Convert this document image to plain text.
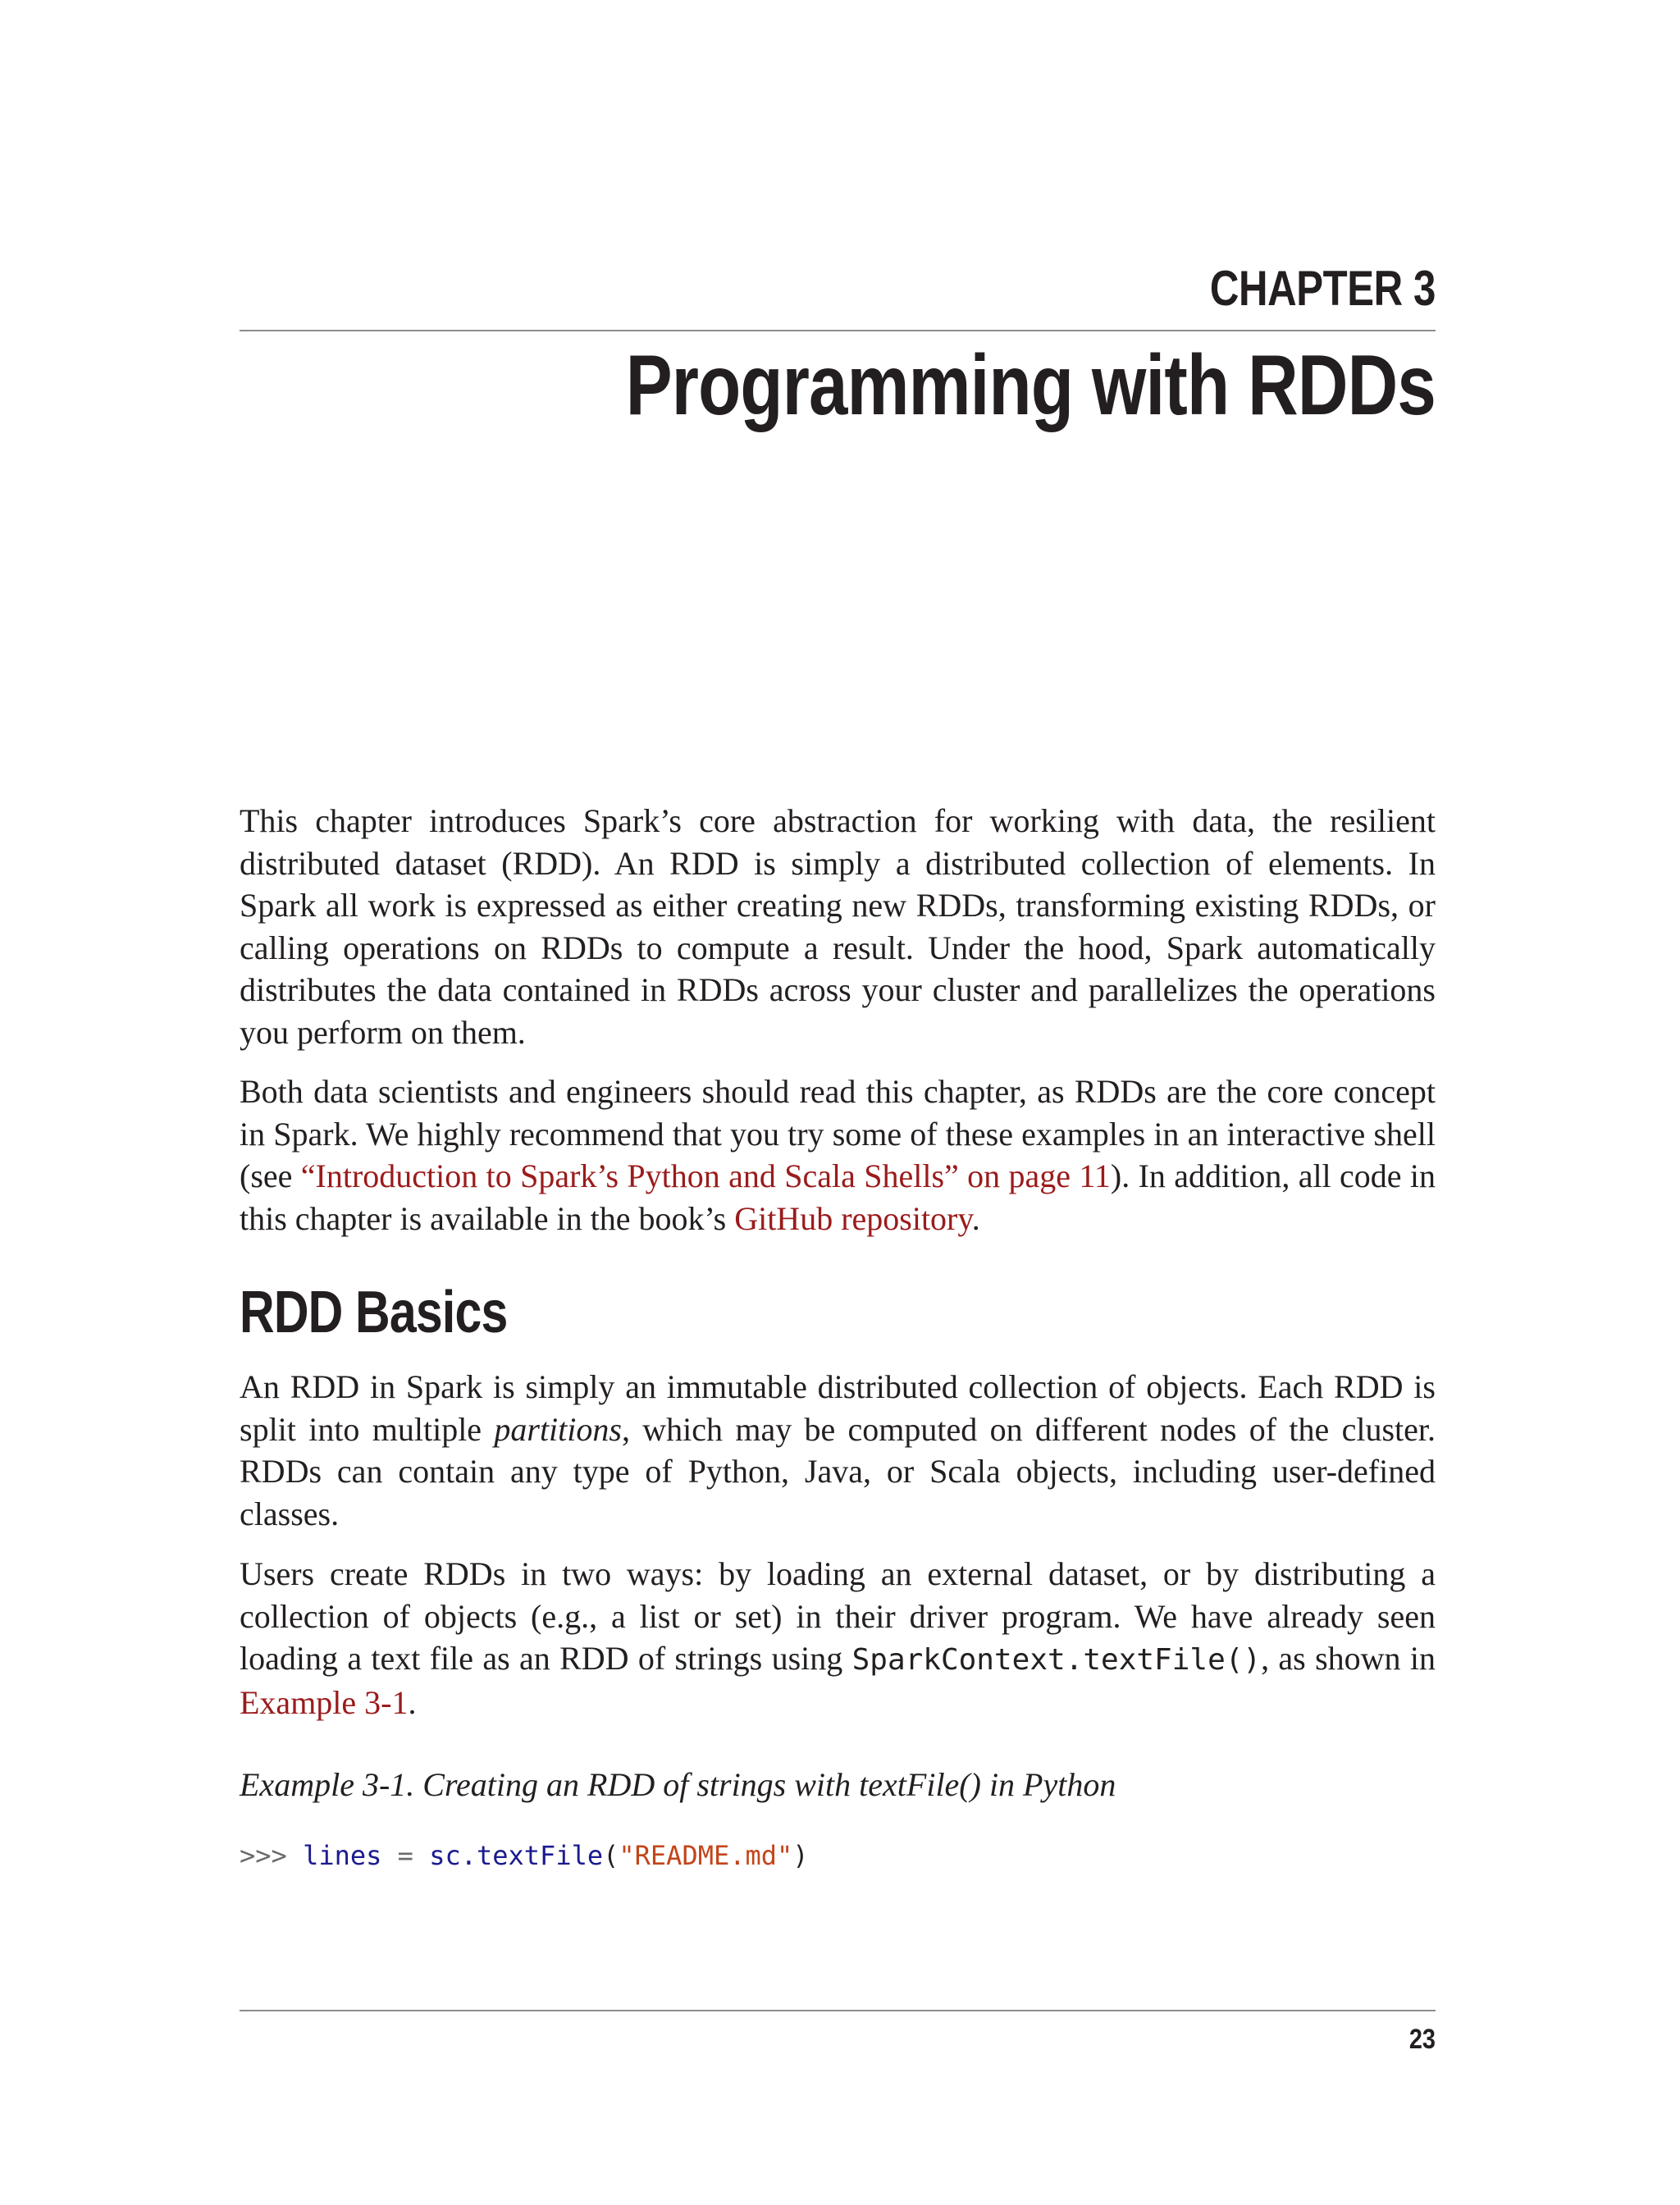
CHAPTER 3
Programming with RDDs

This chapter introduces Spark’s core abstraction for working with data, the resilient distributed dataset (RDD). An RDD is simply a distributed collection of elements. In Spark all work is expressed as either creating new RDDs, transforming existing RDDs, or calling operations on RDDs to compute a result. Under the hood, Spark automatically distributes the data contained in RDDs across your cluster and parallelizes the operations you perform on them.

Both data scientists and engineers should read this chapter, as RDDs are the core concept in Spark. We highly recommend that you try some of these examples in an interactive shell (see “Introduction to Spark’s Python and Scala Shells” on page 11). In addition, all code in this chapter is available in the book’s GitHub repository.

RDD Basics

An RDD in Spark is simply an immutable distributed collection of objects. Each RDD is split into multiple partitions, which may be computed on different nodes of the cluster. RDDs can contain any type of Python, Java, or Scala objects, including user-defined classes.

Users create RDDs in two ways: by loading an external dataset, or by distributing a collection of objects (e.g., a list or set) in their driver program. We have already seen loading a text file as an RDD of strings using SparkContext.textFile(), as shown in Example 3-1.

Example 3-1. Creating an RDD of strings with textFile() in Python
>>> lines = sc.textFile("README.md")
23
